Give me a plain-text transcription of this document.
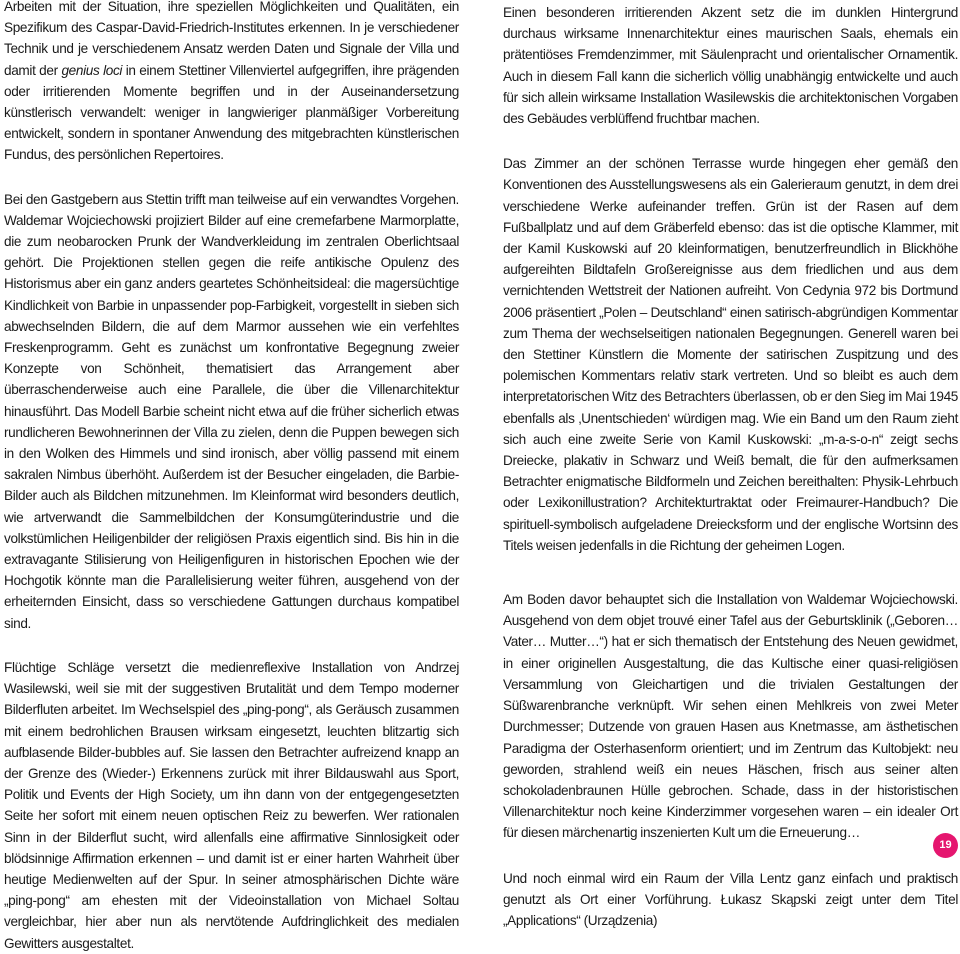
Arbeiten mit der Situation, ihre speziellen Möglichkeiten und Qualitäten, ein Spezifikum des Caspar-David-Friedrich-Institutes erkennen. In je verschiedener Technik und je verschiedenem Ansatz werden Daten und Signale der Villa und damit der genius loci in einem Stettiner Villenviertel aufgegriffen, ihre prägenden oder irritierenden Momente begriffen und in der Auseinandersetzung künstlerisch verwandelt: weniger in langwieriger planmäßiger Vorbereitung entwickelt, sondern in spontaner Anwendung des mitgebrachten künstlerischen Fundus, des persönlichen Repertoires.

Bei den Gastgebern aus Stettin trifft man teilweise auf ein verwandtes Vorgehen. Waldemar Wojciechowski projiziert Bilder auf eine cremefarbene Marmorplatte, die zum neobarocken Prunk der Wandverkleidung im zentralen Oberlichtsaal gehört. Die Projektionen stellen gegen die reife antikische Opulenz des Historismus aber ein ganz anders geartetes Schönheitsideal: die magersüchtige Kindlichkeit von Barbie in unpassender pop-Farbigkeit, vorgestellt in sieben sich abwechselnden Bildern, die auf dem Marmor aussehen wie ein verfehltes Freskenprogramm. Geht es zunächst um konfrontative Begegnung zweier Konzepte von Schönheit, thematisiert das Arrangement aber überraschenderweise auch eine Parallele, die über die Villenarchitektur hinausführt. Das Modell Barbie scheint nicht etwa auf die früher sicherlich etwas rundlicheren Bewohnerinnen der Villa zu zielen, denn die Puppen bewegen sich in den Wolken des Himmels und sind ironisch, aber völlig passend mit einem sakralen Nimbus überhöht. Außerdem ist der Besucher eingeladen, die Barbie-Bilder auch als Bildchen mitzunehmen. Im Kleinformat wird besonders deutlich, wie artverwandt die Sammelbildchen der Konsumgüterindustrie und die volkstümlichen Heiligenbilder der religiösen Praxis eigentlich sind. Bis hin in die extravagante Stilisierung von Heiligenfiguren in historischen Epochen wie der Hochgotik könnte man die Parallelisierung weiter führen, ausgehend von der erheiternden Einsicht, dass so verschiedene Gattungen durchaus kompatibel sind.

Flüchtige Schläge versetzt die medienreflexive Installation von Andrzej Wasilewski, weil sie mit der suggestiven Brutalität und dem Tempo moderner Bilderfluten arbeitet. Im Wechselspiel des „ping-pong“, als Geräusch zusammen mit einem bedrohlichen Brausen wirksam eingesetzt, leuchten blitzartig sich aufblasende Bilder-bubbles auf. Sie lassen den Betrachter aufreizend knapp an der Grenze des (Wieder-) Erkennens zurück mit ihrer Bildauswahl aus Sport, Politik und Events der High Society, um ihn dann von der entgegengesetzten Seite her sofort mit einem neuen optischen Reiz zu bewerfen. Wer rationalen Sinn in der Bilderflut sucht, wird allenfalls eine affirmative Sinnlosigkeit oder blödsinnige Affirmation erkennen – und damit ist er einer harten Wahrheit über heutige Medienwelten auf der Spur. In seiner atmosphärischen Dichte wäre „ping-pong“ am ehesten mit der Videoinstallation von Michael Soltau vergleichbar, hier aber nun als nervtötende Aufdringlichkeit des medialen Gewitters ausgestaltet.

Einen besonderen irritierenden Akzent setz die im dunklen Hintergrund durchaus wirksame Innenarchitektur eines maurischen Saals, ehemals ein prätentiöses Fremdenzimmer, mit Säulenpracht und orientalischer Ornamentik. Auch in diesem Fall kann die sicherlich völlig unabhängig entwickelte und auch für sich allein wirksame Installation Wasilewskis die architektonischen Vorgaben des Gebäudes verblüffend fruchtbar machen.

Das Zimmer an der schönen Terrasse wurde hingegen eher gemäß den Konventionen des Ausstellungswesens als ein Galerieraum genutzt, in dem drei verschiedene Werke aufeinander treffen. Grün ist der Rasen auf dem Fußballplatz und auf dem Gräberfeld ebenso: das ist die optische Klammer, mit der Kamil Kuskowski auf 20 kleinformatigen, benutzerfreundlich in Blickhöhe aufgereihten Bildtafeln Großereignisse aus dem friedlichen und aus dem vernichtenden Wettstreit der Nationen aufreiht. Von Cedynia 972 bis Dortmund 2006 präsentiert „Polen – Deutschland“ einen satirisch-abgründigen Kommentar zum Thema der wechselseitigen nationalen Begegnungen. Generell waren bei den Stettiner Künstlern die Momente der satirischen Zuspitzung und des polemischen Kommentars relativ stark vertreten. Und so bleibt es auch dem interpretatorischen Witz des Betrachters überlassen, ob er den Sieg im Mai 1945 ebenfalls als ‚Unentschieden‘ würdigen mag. Wie ein Band um den Raum zieht sich auch eine zweite Serie von Kamil Kuskowski: „m-a-s-o-n“ zeigt sechs Dreiecke, plakativ in Schwarz und Weiß bemalt, die für den aufmerksamen Betrachter enigmatische Bildformeln und Zeichen bereithalten: Physik-Lehrbuch oder Lexikonillustration? Architekturtraktat oder Freimaurer-Handbuch? Die spirituell-symbolisch aufgeladene Dreiecksform und der englische Wortsinn des Titels weisen jedenfalls in die Richtung der geheimen Logen.

Am Boden davor behauptet sich die Installation von Waldemar Wojciechowski. Ausgehend von dem objet trouvé einer Tafel aus der Geburtsklinik („Geboren… Vater… Mutter…“) hat er sich thematisch der Entstehung des Neuen gewidmet, in einer originellen Ausgestaltung, die das Kultische einer quasi-religiösen Versammlung von Gleichartigen und die trivialen Gestaltungen der Süßwarenbranche verknüpft. Wir sehen einen Mehlkreis von zwei Meter Durchmesser; Dutzende von grauen Hasen aus Knetmasse, am ästhetischen Paradigma der Osterhasenform orientiert; und im Zentrum das Kultobjekt: neu geworden, strahlend weiß ein neues Häschen, frisch aus seiner alten schokoladenbraunen Hülle gebrochen. Schade, dass in der historistischen Villenarchitektur noch keine Kinderzimmer vorgesehen waren – ein idealer Ort für diesen märchenartig inszenierten Kult um die Erneuerung…

Und noch einmal wird ein Raum der Villa Lentz ganz einfach und praktisch genutzt als Ort einer Vorführung. Łukasz Skąpski zeigt unter dem Titel „Applications“ (Urządzenia)

19
